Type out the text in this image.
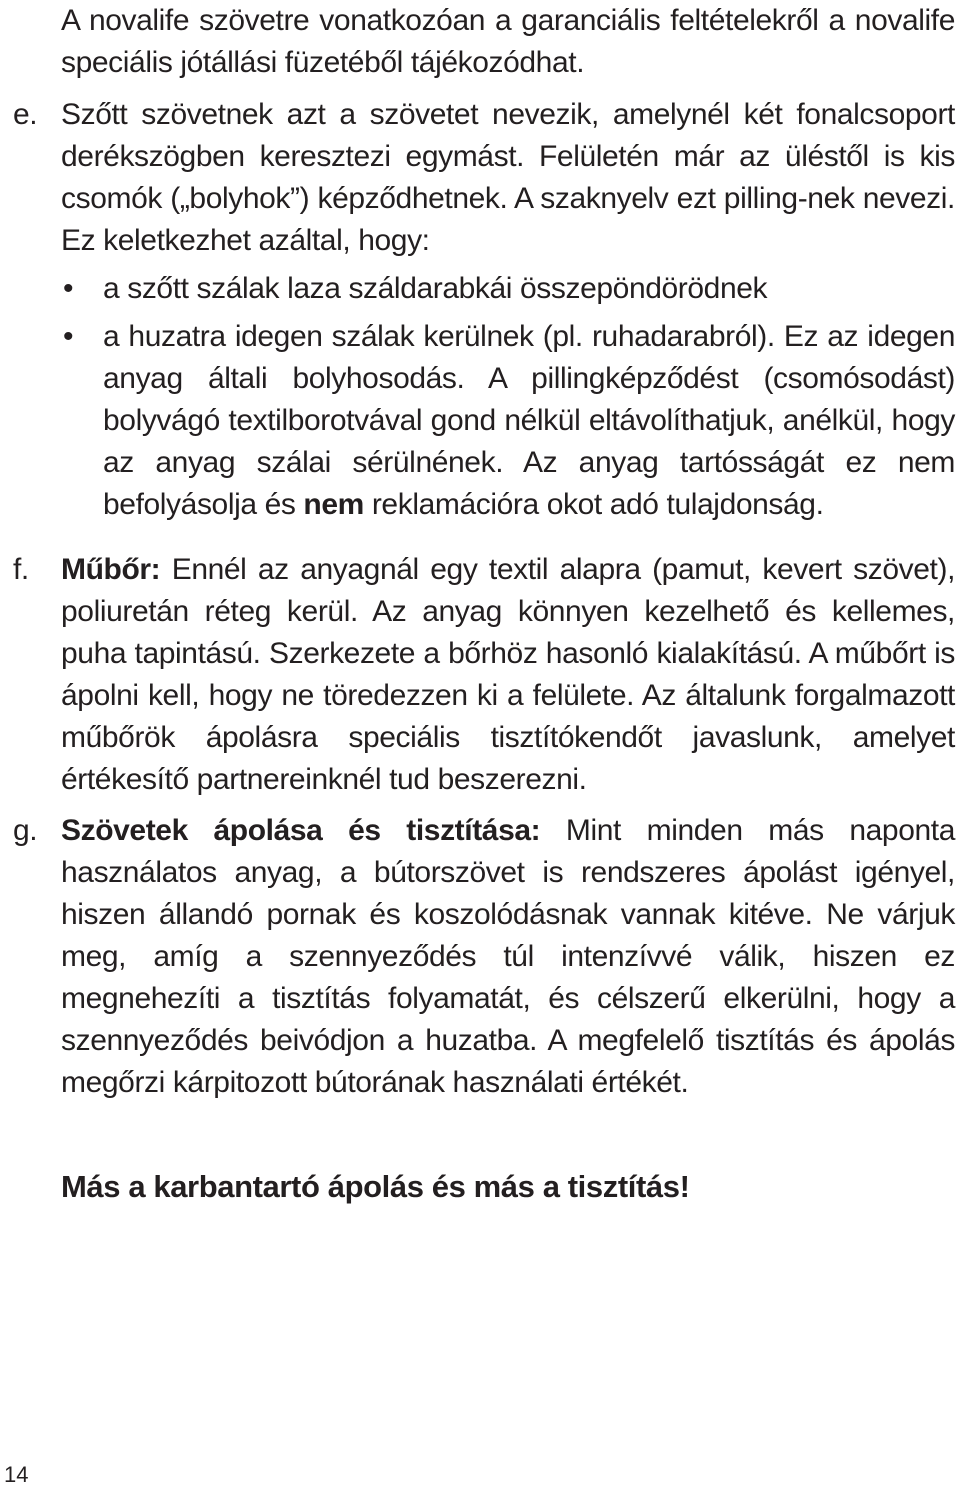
A novalife szövetre vonatkozóan a garanciális feltételekről a novalife speciális jótállási füzetéből tájékozódhat.

e. Szőtt szövetnek azt a szövetet nevezik, amelynél két fonalcsoport derékszögben keresztezi egymást. Felületén már az üléstől is kis csomók („bolyhok”) képződhetnek. A szaknyelv ezt pilling-nek nevezi. Ez keletkezhet azáltal, hogy:
• a szőtt szálak laza száldarabkái összepöndörödnek
• a huzatra idegen szálak kerülnek (pl. ruhadarabról). Ez az idegen anyag általi bolyhosodás. A pillingképződést (csomósodást) bolyvágó textilborotvával gond nélkül eltávolíthatjuk, anélkül, hogy az anyag szálai sérülnének. Az anyag tartósságát ez nem befolyásolja és nem reklamációra okot adó tulajdonság.
f. Műbőr: Ennél az anyagnál egy textil alapra (pamut, kevert szövet), poliuretán réteg kerül. Az anyag könnyen kezelhető és kellemes, puha tapintású. Szerkezete a bőrhöz hasonló kialakítású. A műbőrt is ápolni kell, hogy ne töredezzen ki a felülete. Az általunk forgalmazott műbőrök ápolásra speciális tisztítókendőt javaslunk, amelyet értékesítő partnereinknél tud beszerezni.
g. Szövetek ápolása és tisztítása: Mint minden más naponta használatos anyag, a bútorszövet is rendszeres ápolást igényel, hiszen állandó pornak és koszolódásnak vannak kitéve. Ne várjuk meg, amíg a szennyeződés túl intenzívvé válik, hiszen ez megnehezíti a tisztítás folyamatát, és célszerű elkerülni, hogy a szennyeződés beivódjon a huzatba. A megfelelő tisztítás és ápolás megőrzi kárpitozott bútorának használati értékét.
Más a karbantartó ápolás és más a tisztítás!
14
